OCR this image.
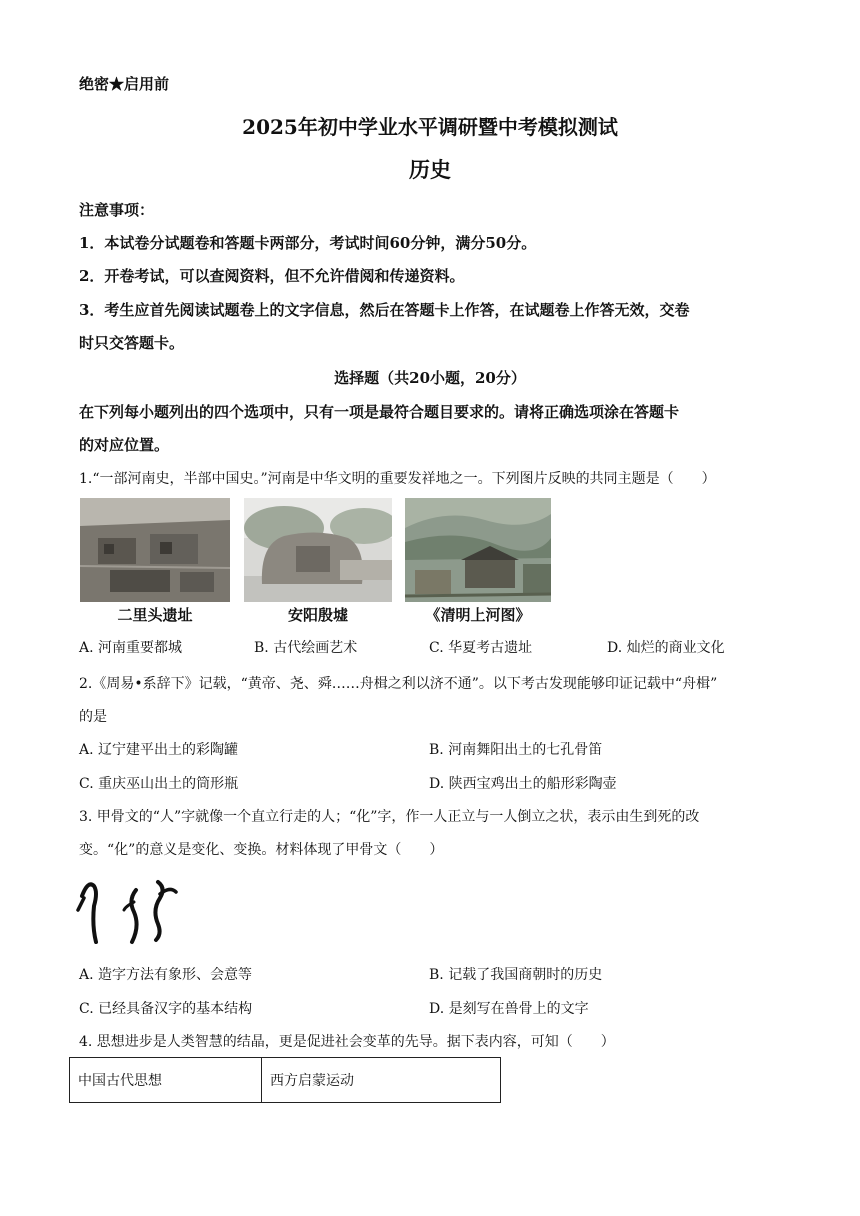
绝密★启用前
2025年初中学业水平调研暨中考模拟测试
历史
注意事项：
1．本试卷分试题卷和答题卡两部分，考试时间60分钟，满分50分。
2．开卷考试，可以查阅资料，但不允许借阅和传递资料。
3．考生应首先阅读试题卷上的文字信息，然后在答题卡上作答，在试题卷上作答无效，交卷
时只交答题卡。
选择题（共20小题，20分）
在下列每小题列出的四个选项中，只有一项是最符合题目要求的。请将正确选项涂在答题卡
的对应位置。
1.“一部河南史，半部中国史。”河南是中华文明的重要发祥地之一。下列图片反映的共同主题是（　　）
二里头遗址	安阳殷墟	《清明上河图》
A. 河南重要都城	B. 古代绘画艺术	C. 华夏考古遗址	D. 灿烂的商业文化
2.《周易•系辞下》记载，“黄帝、尧、舜……舟楫之利以济不通”。以下考古发现能够印证记载中“舟楫”
的是
A. 辽宁建平出土的彩陶罐	B. 河南舞阳出土的七孔骨笛
C. 重庆巫山出土的筒形瓶	D. 陕西宝鸡出土的船形彩陶壶
3. 甲骨文的“人”字就像一个直立行走的人；“化”字，作一人正立与一人倒立之状，表示由生到死的改
变。“化”的意义是变化、变换。材料体现了甲骨文（　　）
A. 造字方法有象形、会意等	B. 记载了我国商朝时的历史
C. 已经具备汉字的基本结构	D. 是刻写在兽骨上的文字
4. 思想进步是人类智慧的结晶，更是促进社会变革的先导。据下表内容，可知（　　）
中国古代思想	西方启蒙运动
